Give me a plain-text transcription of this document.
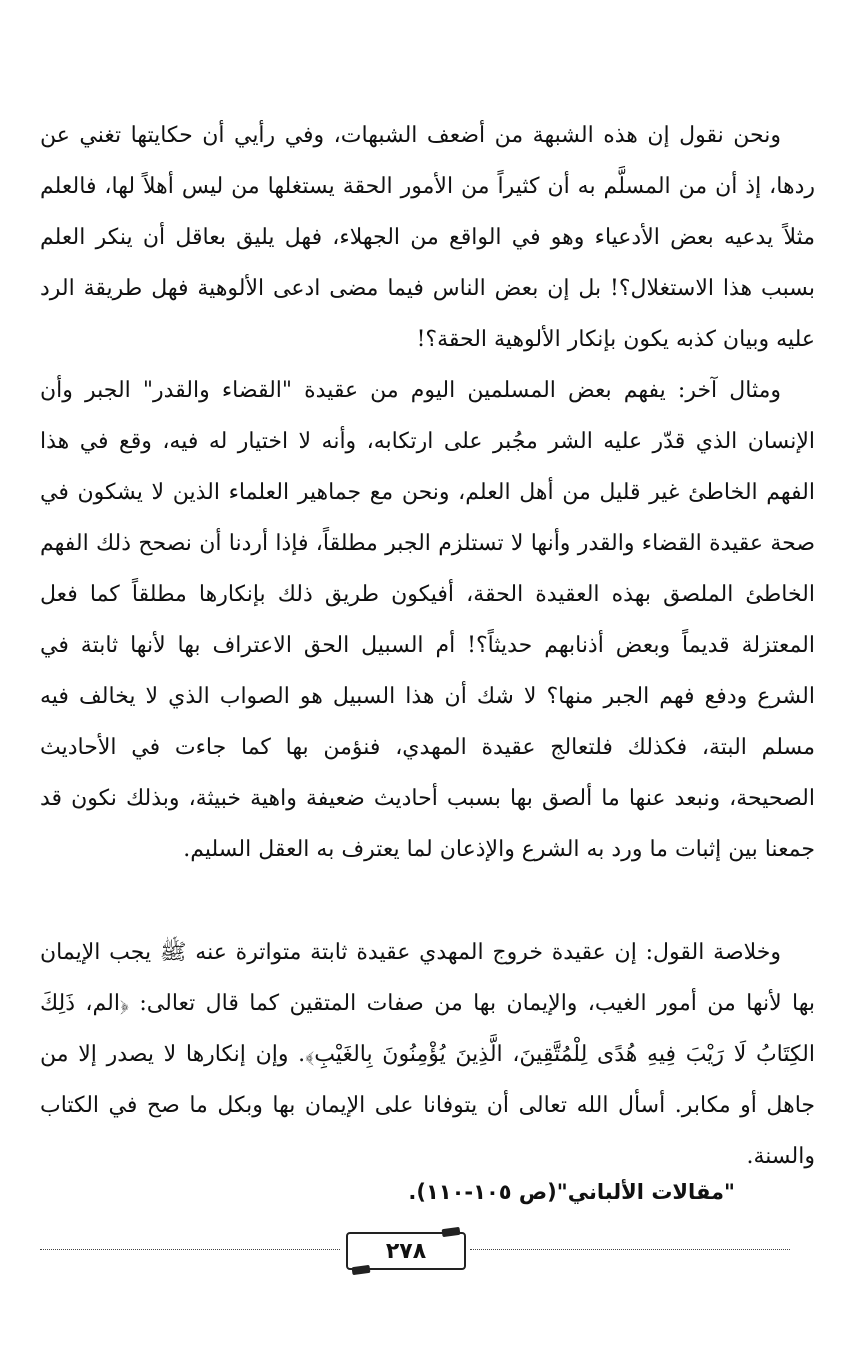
ونحن نقول إن هذه الشبهة من أضعف الشبهات، وفي رأيي أن حكايتها تغني عن ردها، إذ أن من المسلَّم به أن كثيراً من الأمور الحقة يستغلها من ليس أهلاً لها، فالعلم مثلاً يدعيه بعض الأدعياء وهو في الواقع من الجهلاء، فهل يليق بعاقل أن ينكر العلم بسبب هذا الاستغلال؟! بل إن بعض الناس فيما مضى ادعى الألوهية فهل طريقة الرد عليه وبيان كذبه يكون بإنكار الألوهية الحقة؟!

ومثال آخر: يفهم بعض المسلمين اليوم من عقيدة "القضاء والقدر" الجبر وأن الإنسان الذي قدّر عليه الشر مجُبر على ارتكابه، وأنه لا اختيار له فيه، وقع في هذا الفهم الخاطئ غير قليل من أهل العلم، ونحن مع جماهير العلماء الذين لا يشكون في صحة عقيدة القضاء والقدر وأنها لا تستلزم الجبر مطلقاً، فإذا أردنا أن نصحح ذلك الفهم الخاطئ الملصق بهذه العقيدة الحقة، أفيكون طريق ذلك بإنكارها مطلقاً كما فعل المعتزلة قديماً وبعض أذنابهم حديثاً؟! أم السبيل الحق الاعتراف بها لأنها ثابتة في الشرع ودفع فهم الجبر منها؟ لا شك أن هذا السبيل هو الصواب الذي لا يخالف فيه مسلم البتة، فكذلك فلتعالج عقيدة المهدي، فنؤمن بها كما جاءت في الأحاديث الصحيحة، ونبعد عنها ما ألصق بها بسبب أحاديث ضعيفة واهية خبيثة، وبذلك نكون قد جمعنا بين إثبات ما ورد به الشرع والإذعان لما يعترف به العقل السليم.

وخلاصة القول: إن عقيدة خروج المهدي عقيدة ثابتة متواترة عنه ﷺ يجب الإيمان بها لأنها من أمور الغيب، والإيمان بها من صفات المتقين كما قال تعالى: ﴿الم، ذَلِكَ الكِتَابُ لَا رَيْبَ فِيهِ هُدًى لِلْمُتَّقِينَ، الَّذِينَ يُؤْمِنُونَ بِالغَيْبِ﴾. وإن إنكارها لا يصدر إلا من جاهل أو مكابر. أسأل الله تعالى أن يتوفانا على الإيمان بها وبكل ما صح في الكتاب والسنة.

"مقالات الألباني"(ص ١٠٥-١١٠).
٢٧٨
